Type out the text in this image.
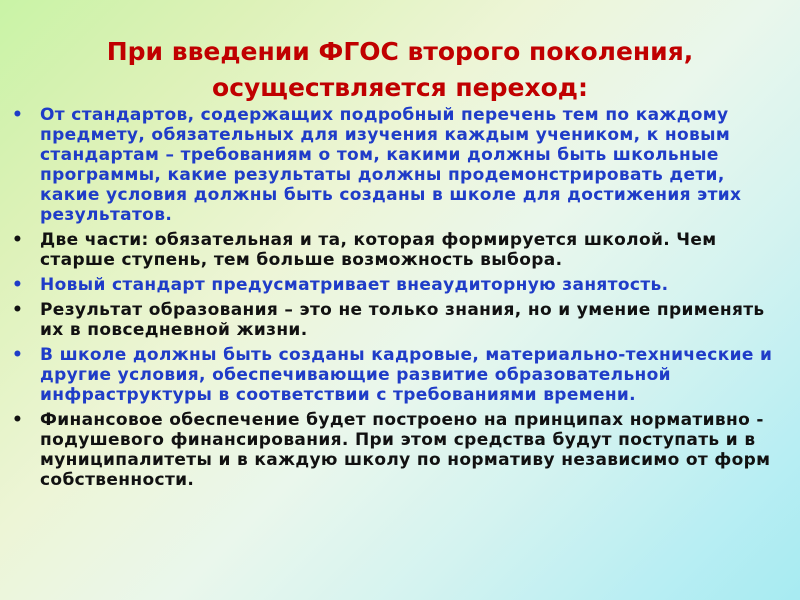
При введении ФГОС второго поколения,
осуществляется переход:
• От стандартов, содержащих подробный перечень тем по каждому предмету, обязательных для изучения каждым учеником, к новым стандартам – требованиям о том, какими должны быть школьные программы, какие результаты должны продемонстрировать дети, какие условия должны быть созданы в школе для достижения этих результатов.
• Две части: обязательная и та, которая формируется школой. Чем старше ступень, тем больше возможность выбора.
• Новый стандарт предусматривает внеаудиторную занятость.
• Результат образования – это не только знания, но и умение применять их в повседневной жизни.
• В школе должны быть созданы кадровые, материально-технические и другие условия, обеспечивающие развитие образовательной инфраструктуры в соответствии с требованиями времени.
• Финансовое обеспечение будет построено на принципах нормативно - подушевого финансирования. При этом средства будут поступать и в муниципалитеты и в каждую школу по нормативу независимо от форм собственности.
